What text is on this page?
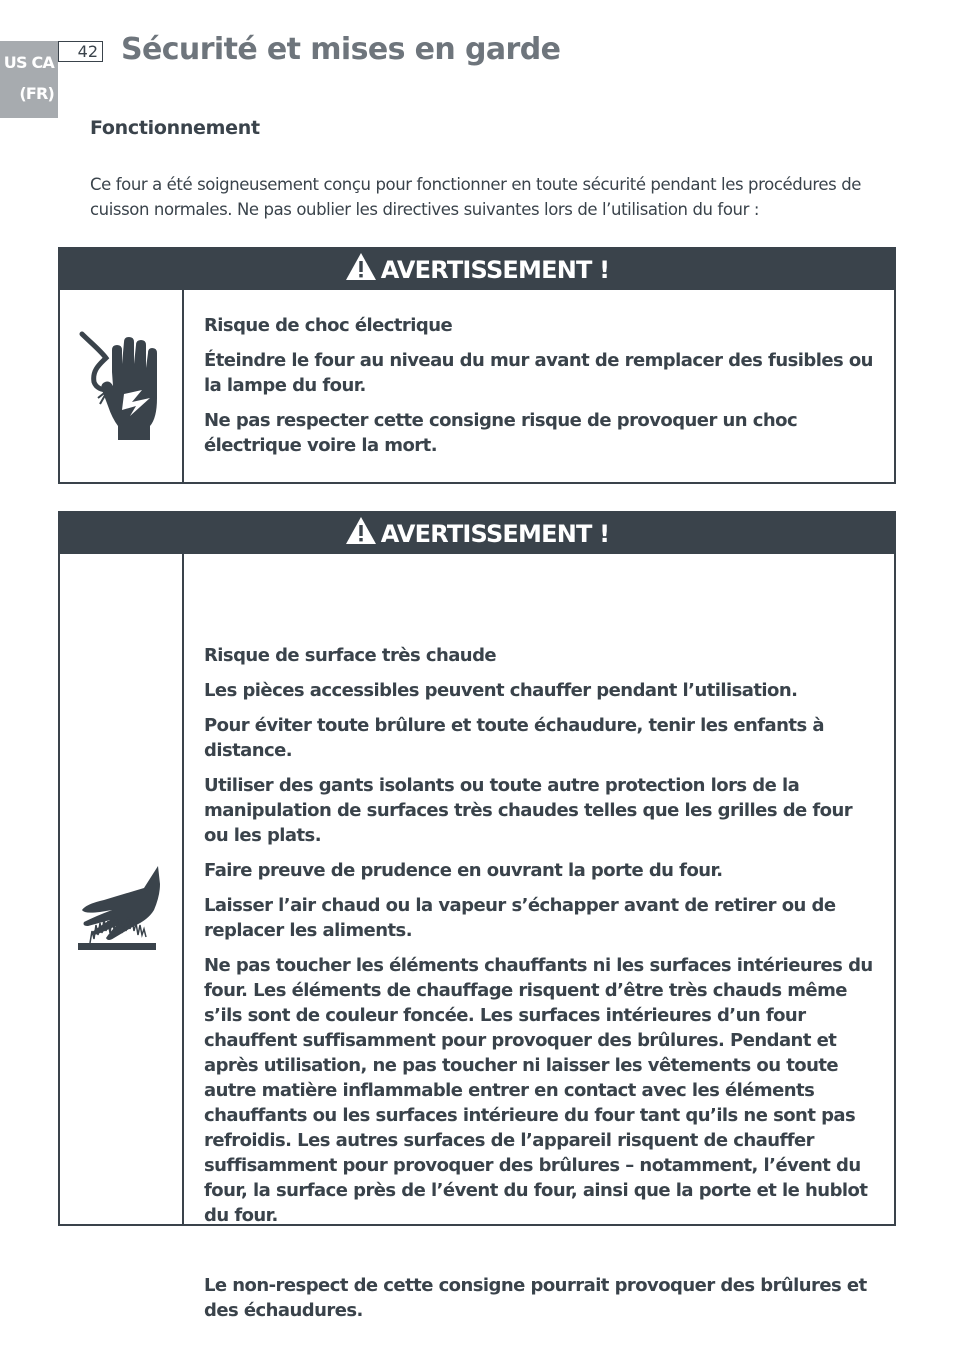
US CA
(FR)
42 Sécurité et mises en garde
Fonctionnement

Ce four a été soigneusement conçu pour fonctionner en toute sécurité pendant les procédures de cuisson normales. Ne pas oublier les directives suivantes lors de l’utilisation du four :

AVERTISSEMENT !

Risque de choc électrique

Éteindre le four au niveau du mur avant de remplacer des fusibles ou la lampe du four.

Ne pas respecter cette consigne risque de provoquer un choc électrique voire la mort.

AVERTISSEMENT !

Risque de surface très chaude

Les pièces accessibles peuvent chauffer pendant l’utilisation.

Pour éviter toute brûlure et toute échaudure, tenir les enfants à distance.

Utiliser des gants isolants ou toute autre protection lors de la manipulation de surfaces très chaudes telles que les grilles de four ou les plats.

Faire preuve de prudence en ouvrant la porte du four.

Laisser l’air chaud ou la vapeur s’échapper avant de retirer ou de replacer les aliments.

Ne pas toucher les éléments chauffants ni les surfaces intérieures du four. Les éléments de chauffage risquent d’être très chauds même s’ils sont de couleur foncée. Les surfaces intérieures d’un four chauffent suffisamment pour provoquer des brûlures. Pendant et après utilisation, ne pas toucher ni laisser les vêtements ou toute autre matière inflammable entrer en contact avec les éléments chauffants ou les surfaces intérieure du four tant qu’ils ne sont pas refroidis. Les autres surfaces de l’appareil risquent de chauffer suffisamment pour provoquer des brûlures – notamment, l’évent du four, la surface près de l’évent du four, ainsi que la porte et le hublot du four.

Le non-respect de cette consigne pourrait provoquer des brûlures et des échaudures.
